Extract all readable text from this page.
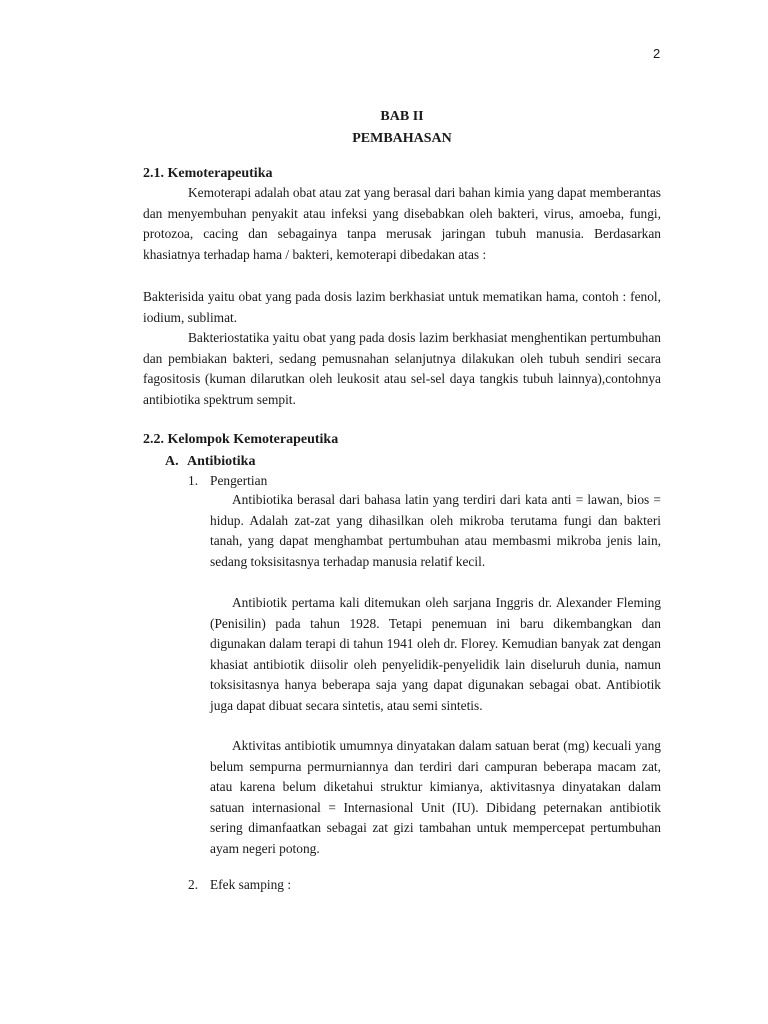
2
BAB II
PEMBAHASAN
2.1. Kemoterapeutika

Kemoterapi adalah obat atau zat yang berasal dari bahan kimia yang dapat memberantas dan menyembuhan penyakit atau infeksi yang disebabkan oleh bakteri, virus, amoeba, fungi, protozoa, cacing dan sebagainya tanpa merusak jaringan tubuh manusia. Berdasarkan khasiatnya terhadap hama / bakteri, kemoterapi dibedakan atas :

Bakterisida yaitu obat yang pada dosis lazim berkhasiat untuk mematikan hama, contoh : fenol, iodium, sublimat.

Bakteriostatika yaitu obat yang pada dosis lazim berkhasiat menghentikan pertumbuhan dan pembiakan bakteri, sedang pemusnahan selanjutnya dilakukan oleh tubuh sendiri secara fagositosis (kuman dilarutkan oleh leukosit atau sel-sel daya tangkis tubuh lainnya),contohnya antibiotika spektrum sempit.

2.2. Kelompok Kemoterapeutika
A. Antibiotika
1. Pengertian

Antibiotika berasal dari bahasa latin yang terdiri dari kata anti = lawan, bios = hidup. Adalah zat-zat yang dihasilkan oleh mikroba terutama fungi dan bakteri tanah, yang dapat menghambat pertumbuhan atau membasmi mikroba jenis lain, sedang toksisitasnya terhadap manusia relatif kecil.

Antibiotik pertama kali ditemukan oleh sarjana Inggris dr. Alexander Fleming (Penisilin) pada tahun 1928. Tetapi penemuan ini baru dikembangkan dan digunakan dalam terapi di tahun 1941 oleh dr. Florey. Kemudian banyak zat dengan khasiat antibiotik diisolir oleh penyelidik-penyelidik lain diseluruh dunia, namun toksisitasnya hanya beberapa saja yang dapat digunakan sebagai obat. Antibiotik juga dapat dibuat secara sintetis, atau semi sintetis.

Aktivitas antibiotik umumnya dinyatakan dalam satuan berat (mg) kecuali yang belum sempurna permurniannya dan terdiri dari campuran beberapa macam zat, atau karena belum diketahui struktur kimianya, aktivitasnya dinyatakan dalam satuan internasional = Internasional Unit (IU). Dibidang peternakan antibiotik sering dimanfaatkan sebagai zat gizi tambahan untuk mempercepat pertumbuhan ayam negeri potong.

2. Efek samping :
